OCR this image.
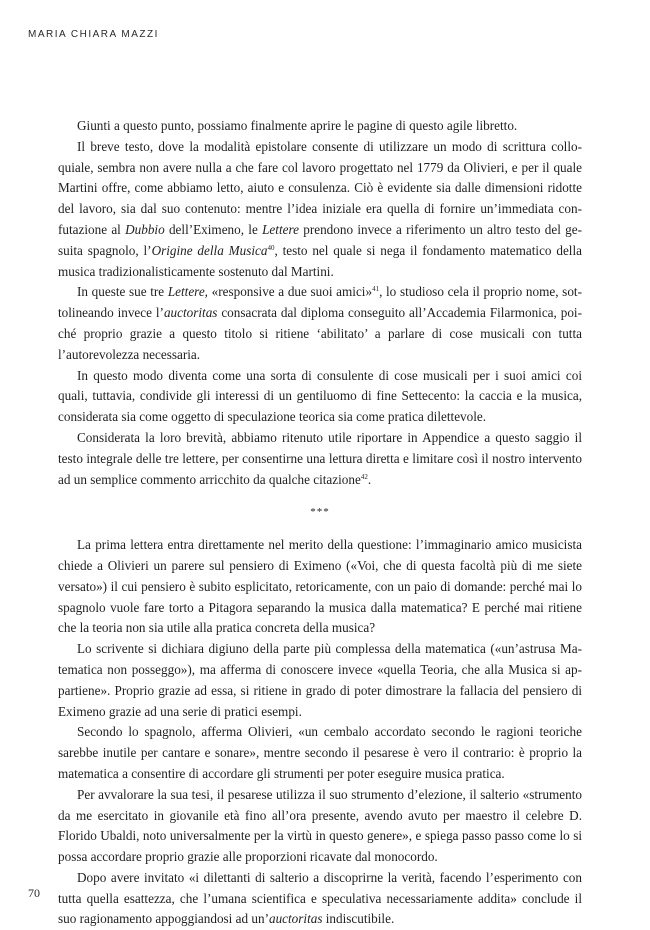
MARIA CHIARA MAZZI

Giunti a questo punto, possiamo finalmente aprire le pagine di questo agile libretto.

Il breve testo, dove la modalità epistolare consente di utilizzare un modo di scrittura colloquiale, sembra non avere nulla a che fare col lavoro progettato nel 1779 da Olivieri, e per il quale Martini offre, come abbiamo letto, aiuto e consulenza. Ciò è evidente sia dalle dimensioni ridotte del lavoro, sia dal suo contenuto: mentre l’idea iniziale era quella di fornire un’immediata confutazione al Dubbio dell’Eximeno, le Lettere prendono invece a riferimento un altro testo del gesuita spagnolo, l’Origine della Musica$^{40}$, testo nel quale si nega il fondamento matematico della musica tradizionalisticamente sostenuto dal Martini.

In queste sue tre Lettere, «responsive a due suoi amici»$^{41}$, lo studioso cela il proprio nome, sottolineando invece l’auctoritas consacrata dal diploma conseguito all’Accademia Filarmonica, poiché proprio grazie a questo titolo si ritiene ‘abilitato’ a parlare di cose musicali con tutta l’autorevolezza necessaria.

In questo modo diventa come una sorta di consulente di cose musicali per i suoi amici coi quali, tuttavia, condivide gli interessi di un gentiluomo di fine Settecento: la caccia e la musica, considerata sia come oggetto di speculazione teorica sia come pratica dilettevole.

Considerata la loro brevità, abbiamo ritenuto utile riportare in Appendice a questo saggio il testo integrale delle tre lettere, per consentirne una lettura diretta e limitare così il nostro intervento ad un semplice commento arricchito da qualche citazione$^{42}$.

***

La prima lettera entra direttamente nel merito della questione: l’immaginario amico musicista chiede a Olivieri un parere sul pensiero di Eximeno («Voi, che di questa facoltà più di me siete versato») il cui pensiero è subito esplicitato, retoricamente, con un paio di domande: perché mai lo spagnolo vuole fare torto a Pitagora separando la musica dalla matematica? E perché mai ritiene che la teoria non sia utile alla pratica concreta della musica?

Lo scrivente si dichiara digiuno della parte più complessa della matematica («un’astrusa Matematica non posseggo»), ma afferma di conoscere invece «quella Teoria, che alla Musica si appartiene». Proprio grazie ad essa, si ritiene in grado di poter dimostrare la fallacia del pensiero di Eximeno grazie ad una serie di pratici esempi.

Secondo lo spagnolo, afferma Olivieri, «un cembalo accordato secondo le ragioni teoriche sarebbe inutile per cantare e sonare», mentre secondo il pesarese è vero il contrario: è proprio la matematica a consentire di accordare gli strumenti per poter eseguire musica pratica.

Per avvalorare la sua tesi, il pesarese utilizza il suo strumento d’elezione, il salterio «strumento da me esercitato in giovanile età fino all’ora presente, avendo avuto per maestro il celebre D. Florido Ubaldi, noto universalmente per la virtù in questo genere», e spiega passo passo come lo si possa accordare proprio grazie alle proporzioni ricavate dal monocordo.

Dopo avere invitato «i dilettanti di salterio a discoprirne la verità, facendo l’esperimento con tutta quella esattezza, che l’umana scientifica e speculativa necessariamente addita» conclude il suo ragionamento appoggiandosi ad un’auctoritas indiscutibile.

70
